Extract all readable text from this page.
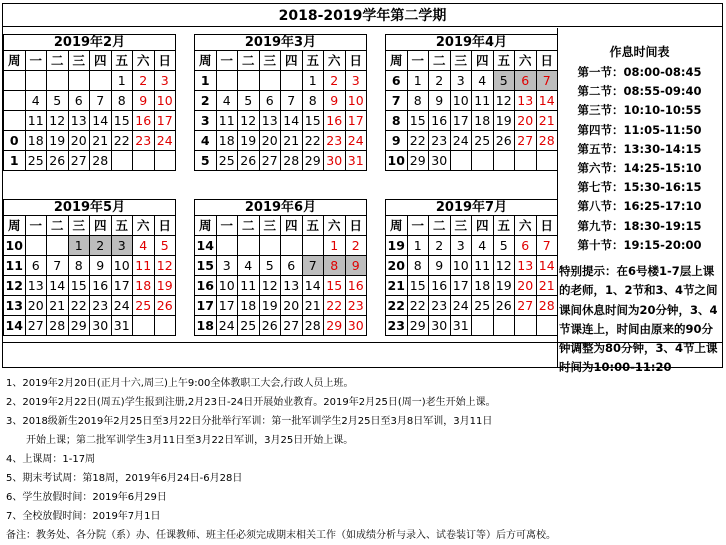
2018-2019学年第二学期
2019年2月
周	一	二	三	四	五	六	日
					1	2	3
	4	5	6	7	8	9	10
	11	12	13	14	15	16	17
0	18	19	20	21	22	23	24
1	25	26	27	28			
2019年3月
周	一	二	三	四	五	六	日
1					1	2	3
2	4	5	6	7	8	9	10
3	11	12	13	14	15	16	17
4	18	19	20	21	22	23	24
5	25	26	27	28	29	30	31
2019年4月
周	一	二	三	四	五	六	日
6	1	2	3	4	5	6	7
7	8	9	10	11	12	13	14
8	15	16	17	18	19	20	21
9	22	23	24	25	26	27	28
10	29	30					
2019年5月
周	一	二	三	四	五	六	日
10			1	2	3	4	5
11	6	7	8	9	10	11	12
12	13	14	15	16	17	18	19
13	20	21	22	23	24	25	26
14	27	28	29	30	31		
2019年6月
周	一	二	三	四	五	六	日
14						1	2
15	3	4	5	6	7	8	9
16	10	11	12	13	14	15	16
17	17	18	19	20	21	22	23
18	24	25	26	27	28	29	30
2019年7月
周	一	二	三	四	五	六	日
19	1	2	3	4	5	6	7
20	8	9	10	11	12	13	14
21	15	16	17	18	19	20	21
22	22	23	24	25	26	27	28
23	29	30	31				
作息时间表
第一节：08:00-08:45
第二节：08:55-09:40
第三节：10:10-10:55
第四节：11:05-11:50
第五节：13:30-14:15
第六节：14:25-15:10
第七节：15:30-16:15
第八节：16:25-17:10
第九节：18:30-19:15
第十节：19:15-20:00
特别提示：在6号楼1-7层上课
的老师，1、2节和3、4节之间
课间休息时间为20分钟，3、4
节课连上，时间由原来的90分
钟调整为80分钟，3、4节上课
时间为10:00-11:20
1、2019年2月20日(正月十六,周三)上午9:00全体教职工大会,行政人员上班。
2、2019年2月22日(周五)学生报到注册,2月23日-24日开展始业教育。2019年2月25日(周一)老生开始上课。
3、2018级新生2019年2月25日至3月22日分批举行军训：第一批军训学生2月25日至3月8日军训，3月11日
开始上课；第二批军训学生3月11日至3月22日军训，3月25日开始上课。
4、上课周：1-17周
5、期末考试周：第18周，2019年6月24日-6月28日
6、学生放假时间：2019年6月29日
7、全校放假时间：2019年7月1日
备注：教务处、各分院（系）办、任课教师、班主任必须完成期末相关工作（如成绩分析与录入、试卷装订等）后方可离校。
